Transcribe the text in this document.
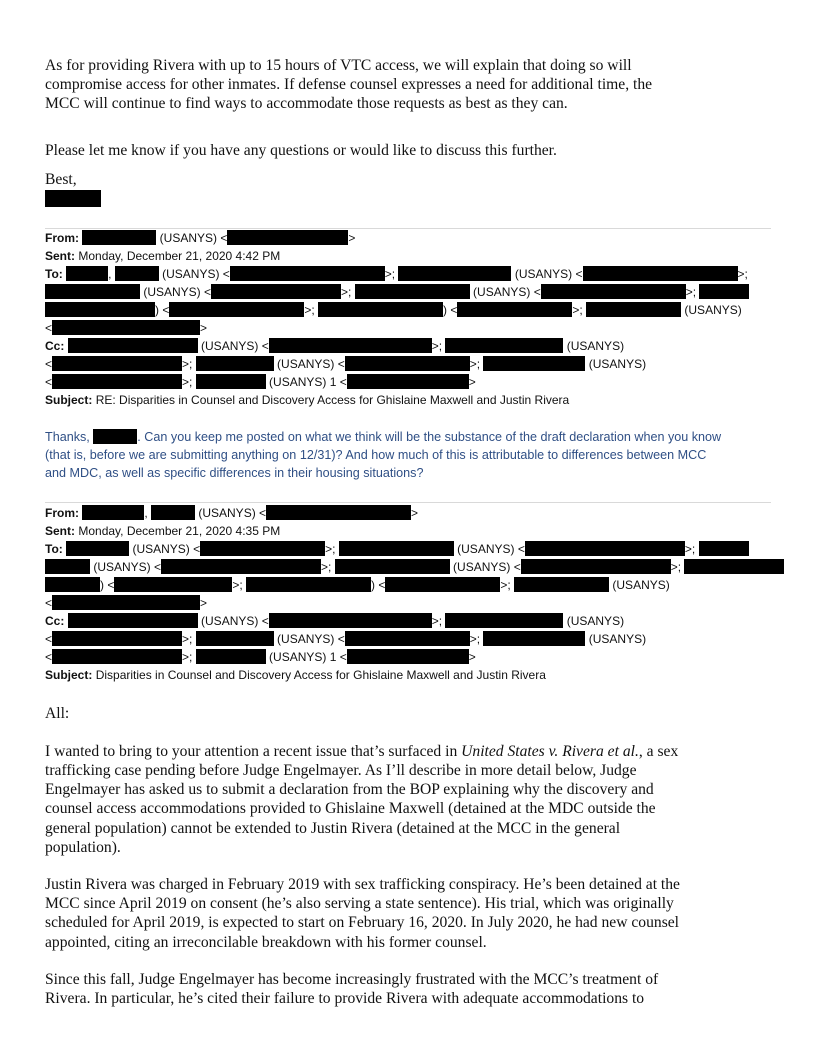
As for providing Rivera with up to 15 hours of VTC access, we will explain that doing so will
compromise access for other inmates. If defense counsel expresses a need for additional time, the
MCC will continue to find ways to accommodate those requests as best as they can.
Please let me know if you have any questions or would like to discuss this further.
Best,
From:	(USANYS) <	>
Sent: Monday, December 21, 2020 4:42 PM
To:	,	(USANYS) <	>;	(USANYS) <	>;
(USANYS) <	>;	(USANYS) <	>;
) <	>;	) <	>;	(USANYS)
<	>
Cc:	(USANYS) <	>;	(USANYS)
<	>;	(USANYS) <	>;	(USANYS)
<	>;	(USANYS) 1 <	>
Subject: RE: Disparities in Counsel and Discovery Access for Ghislaine Maxwell and Justin Rivera
Thanks,	. Can you keep me posted on what we think will be the substance of the draft declaration when you know
(that is, before we are submitting anything on 12/31)? And how much of this is attributable to differences between MCC
and MDC, as well as specific differences in their housing situations?
From:	,	(USANYS) <	>
Sent: Monday, December 21, 2020 4:35 PM
To:	(USANYS) <	>;	(USANYS) <	>;
(USANYS) <	>;	(USANYS) <	>;
) <	>;	) <	>;	(USANYS)
<	>
Cc:	(USANYS) <	>;	(USANYS)
<	>;	(USANYS) <	>;	(USANYS)
<	>;	(USANYS) 1 <	>
Subject: Disparities in Counsel and Discovery Access for Ghislaine Maxwell and Justin Rivera
All:
I wanted to bring to your attention a recent issue that’s surfaced in United States v. Rivera et al., a sex
trafficking case pending before Judge Engelmayer. As I’ll describe in more detail below, Judge
Engelmayer has asked us to submit a declaration from the BOP explaining why the discovery and
counsel access accommodations provided to Ghislaine Maxwell (detained at the MDC outside the
general population) cannot be extended to Justin Rivera (detained at the MCC in the general
population).
Justin Rivera was charged in February 2019 with sex trafficking conspiracy. He’s been detained at the
MCC since April 2019 on consent (he’s also serving a state sentence). His trial, which was originally
scheduled for April 2019, is expected to start on February 16, 2020. In July 2020, he had new counsel
appointed, citing an irreconcilable breakdown with his former counsel.
Since this fall, Judge Engelmayer has become increasingly frustrated with the MCC’s treatment of
Rivera. In particular, he’s cited their failure to provide Rivera with adequate accommodations to
